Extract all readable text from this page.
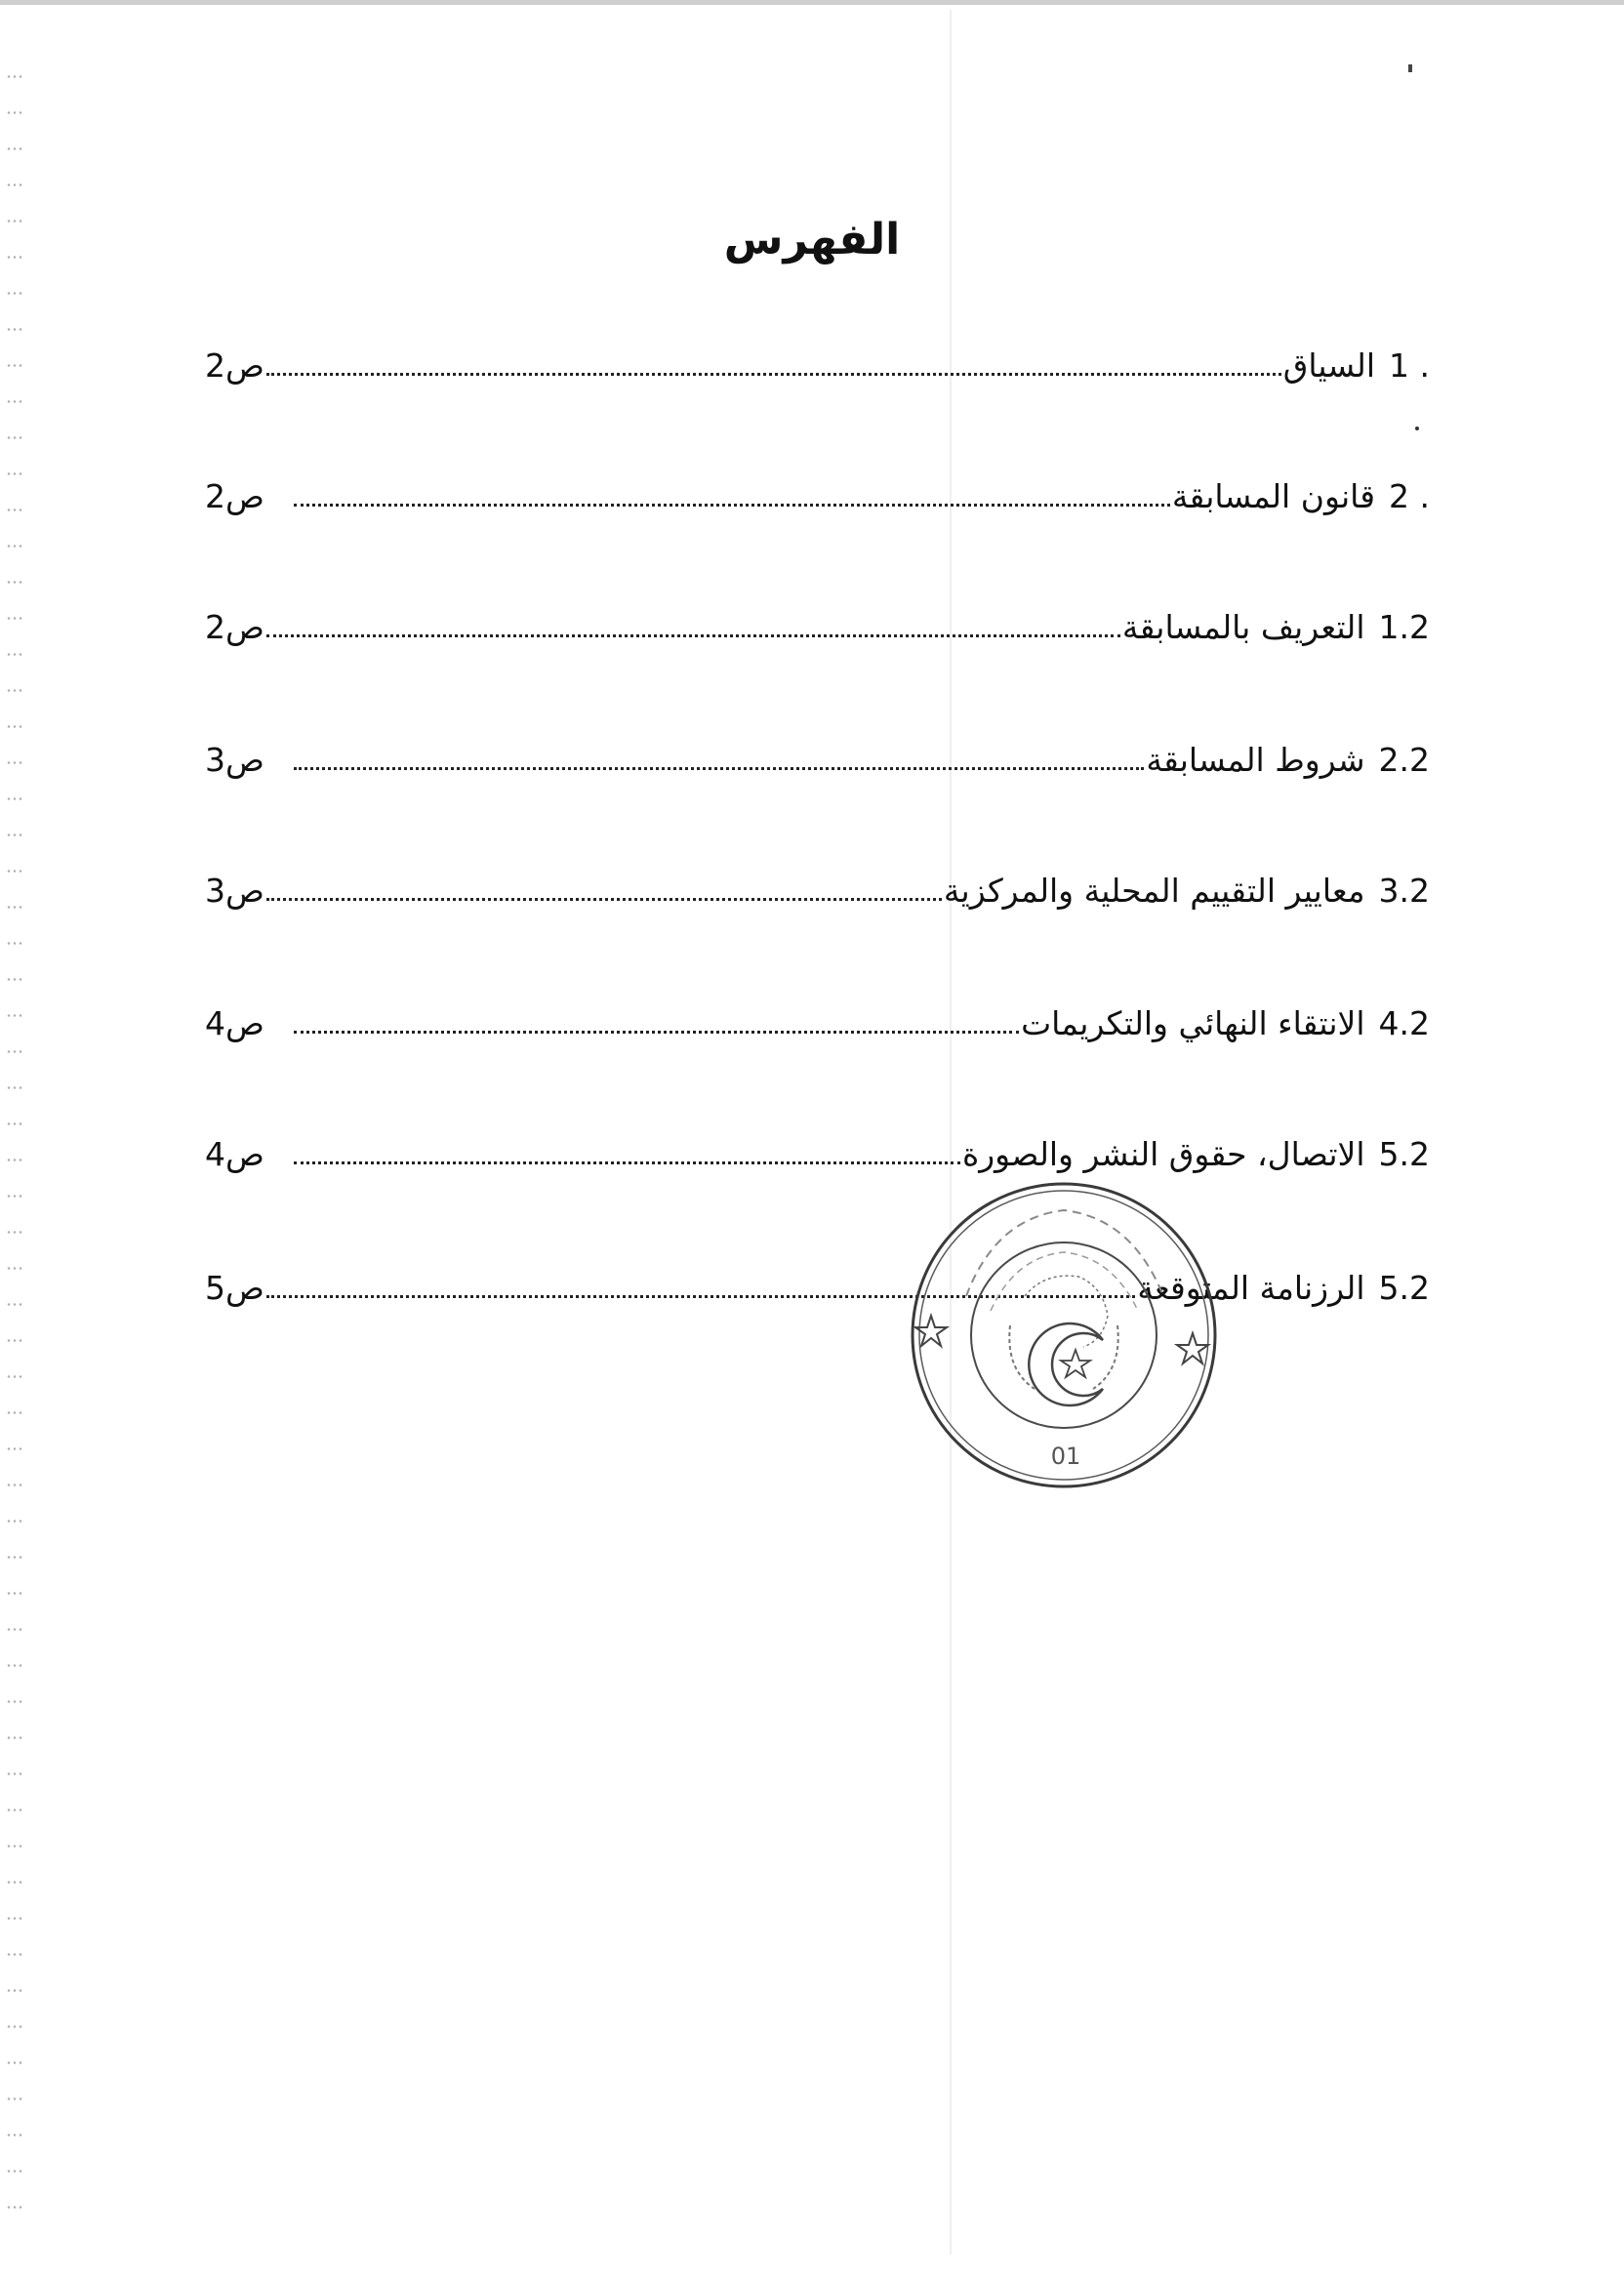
الفهرس
1 .
السياق
2 ص
2 .
قانون المسابقة
2 ص
1.2
التعريف بالمسابقة
2 ص
2.2
شروط المسابقة
3 ص
3.2
معايير التقييم المحلية والمركزية
3 ص
4.2
الانتقاء النهائي والتكريمات
4 ص
5.2
الاتصال، حقوق النشر والصورة
4 ص
5.2
الرزنامة المتوقعة
5 ص
01
